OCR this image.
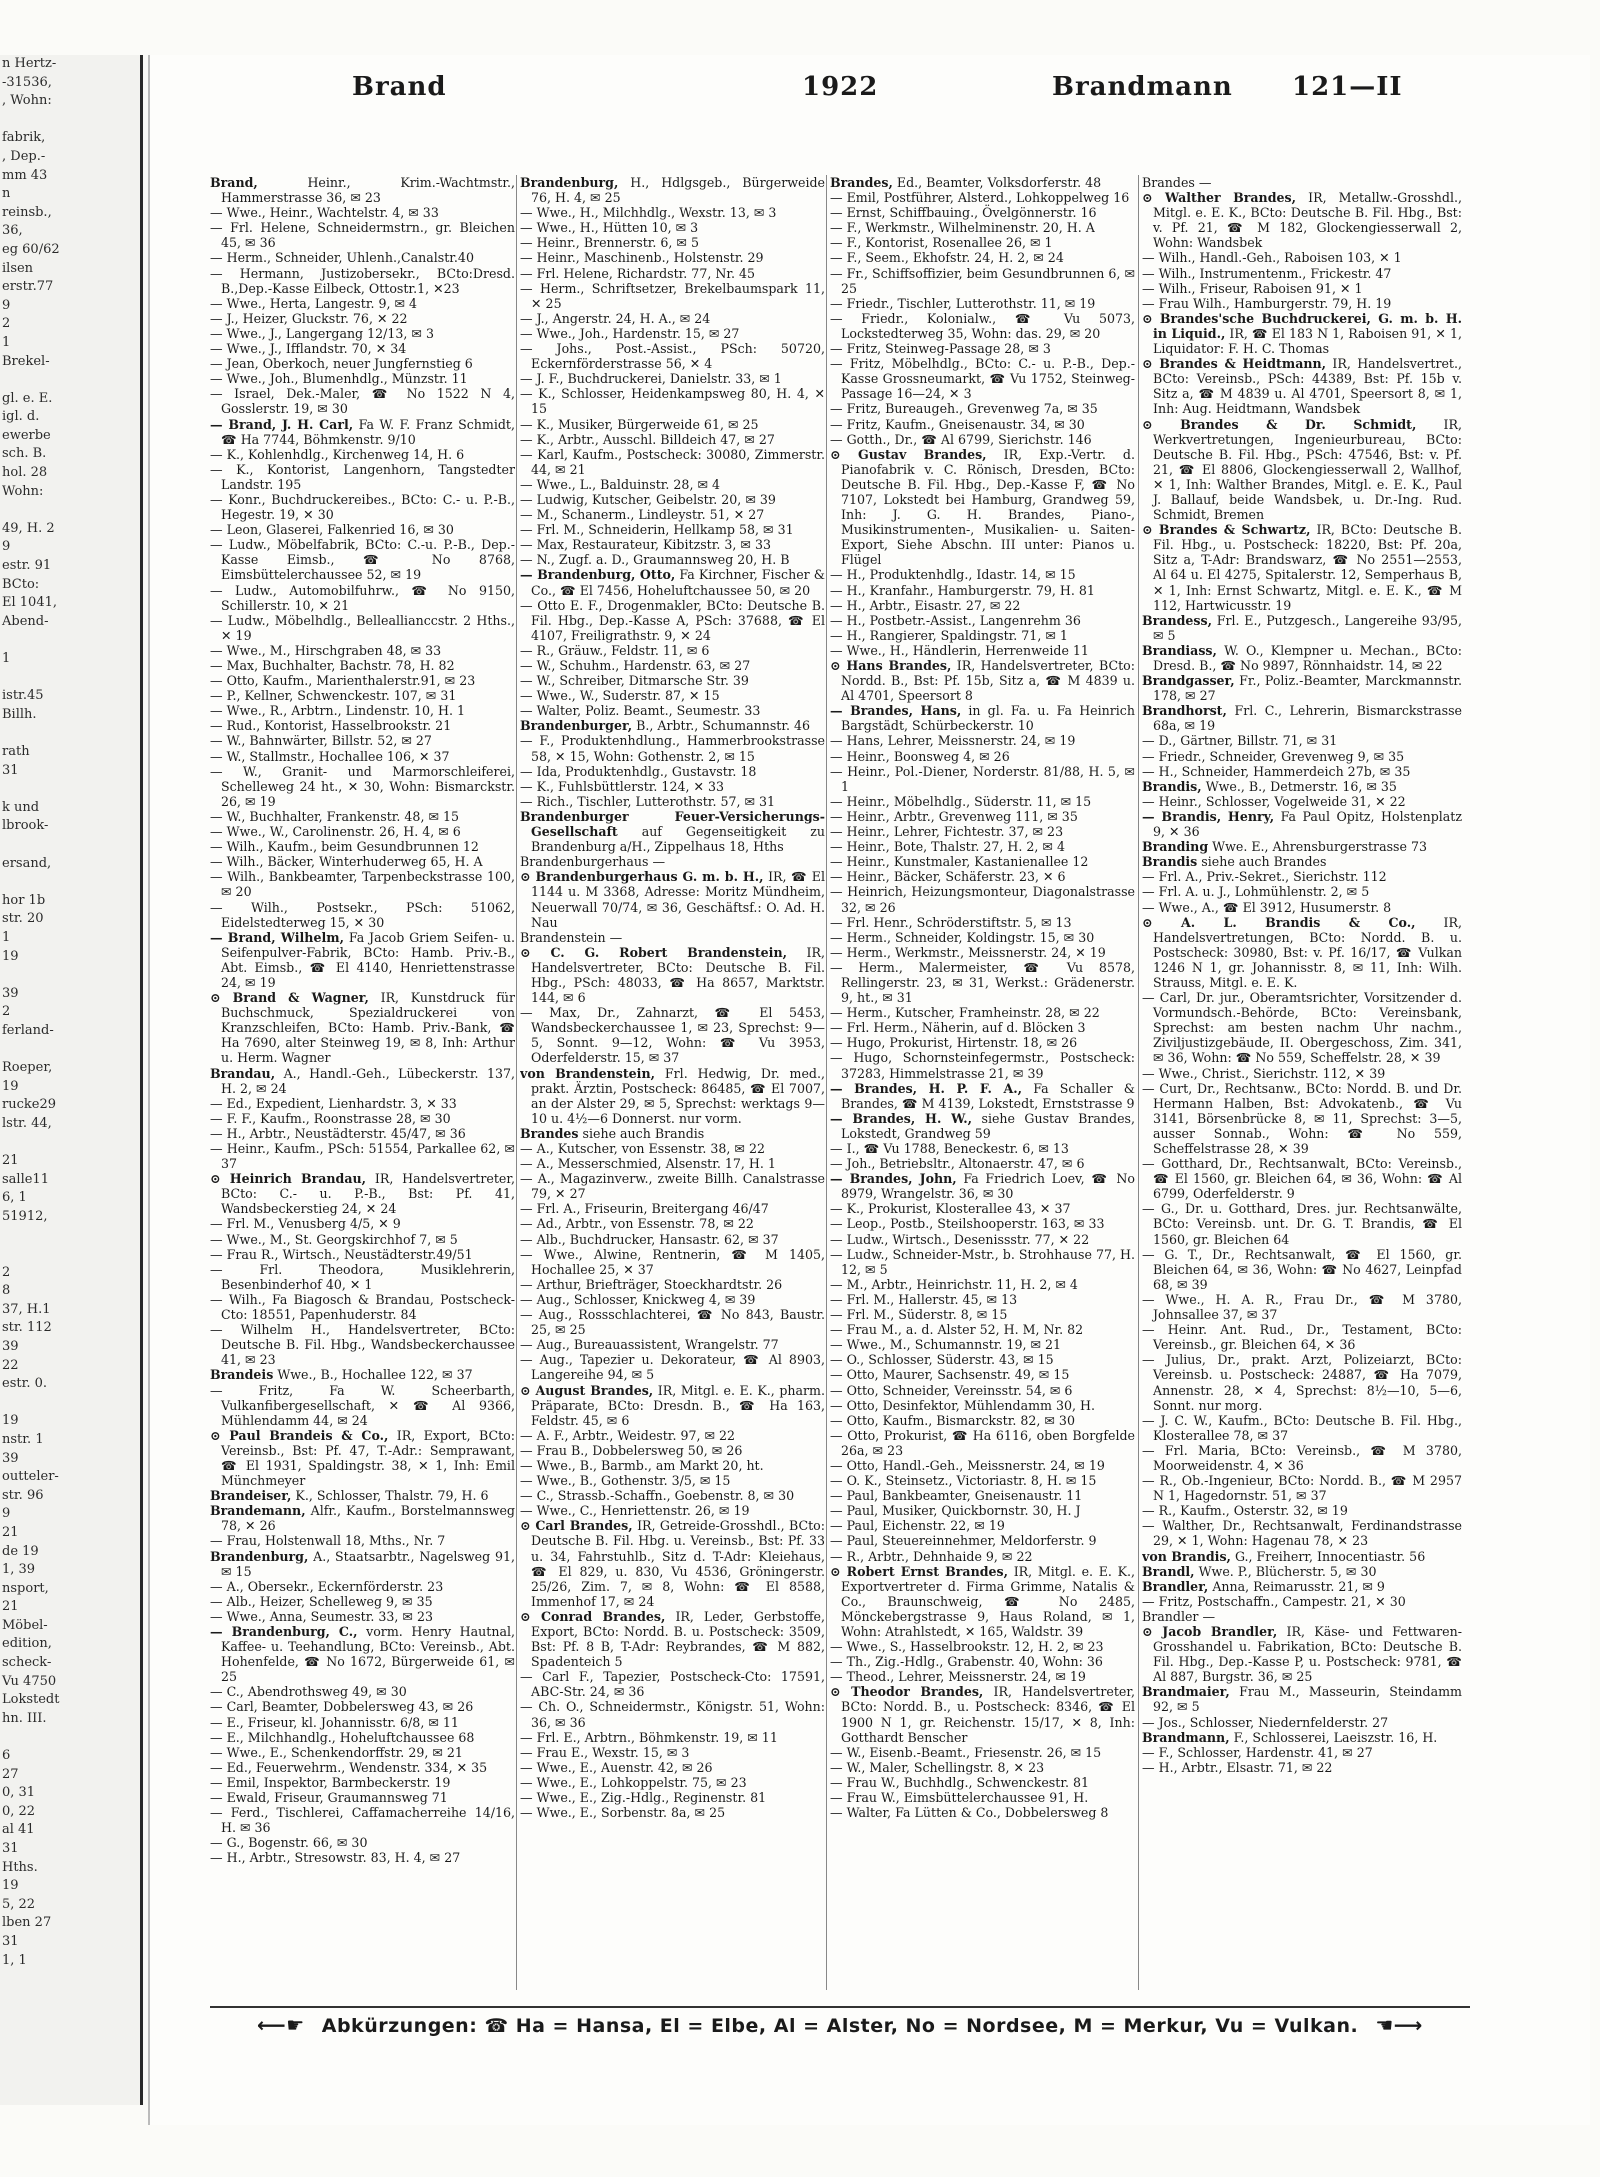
n Hertz-
-31536,
, Wohn:

fabrik,
, Dep.-
mm 43
n
reinsb.,
36,
eg 60/62
ilsen
erstr.77
9
2
1
Brekel-

gl. e. E.
igl. d.
ewerbe
sch. B.
hol. 28
Wohn:

49, H. 2
9
estr. 91
BCto:
El 1041,
Abend-

1

istr.45
Billh.

rath
31

k und
lbrook-

ersand,

hor 1b
str. 20
1
19

39
2
ferland-

Roeper,
19
rucke29
lstr. 44,

21
salle11
6, 1
51912,

2
8
37, H.1
str. 112
39
22
estr. 0.

19
nstr. 1
39
outteler-
str. 96
9
21
de 19
1, 39
nsport,
21
Möbel-
edition,
scheck-
Vu 4750
Lokstedt
hn. III.

6
27
0, 31
0, 22
al 41
31
Hths.
19
5, 22
lben 27
31
1, 1
Brand	1922	Brandmann 121—II

Brand,	Heinr., Krim.-Wachtmstr., Hammerstrasse 36, ✉ 23

— Wwe., Heinr., Wachtelstr. 4, ✉ 33

— Frl. Helene, Schneidermstrn., gr. Bleichen 45, ✉ 36

— Herm., Schneider, Uhlenh.,Canalstr.40

— Hermann, Justizobersekr., BCto:Dresd. B.,Dep.-Kasse Eilbeck, Ottostr.1, ✕23

— Wwe., Herta, Langestr. 9, ✉ 4

— J., Heizer, Gluckstr. 76, ✕ 22

— Wwe., J., Langergang 12/13, ✉ 3

— Wwe., J., Ifflandstr. 70, ✕ 34

— Jean, Oberkoch, neuer Jungfernstieg 6

— Wwe., Joh., Blumenhdlg., Münzstr. 11

— Israel, Dek.-Maler, ☎ No 1522 N 4, Gosslerstr. 19, ✉ 30

— Brand, J. H. Carl, Fa W. F. Franz Schmidt, ☎ Ha 7744, Böhmkenstr. 9/10

— K., Kohlenhdlg., Kirchenweg 14, H. 6

— K., Kontorist, Langenhorn, Tangstedter Landstr. 195

— Konr., Buchdruckereibes., BCto: C.- u. P.-B., Hegestr. 19, ✕ 30

— Leon, Glaserei, Falkenried 16, ✉ 30

— Ludw., Möbelfabrik, BCto: C.-u. P.-B., Dep.-Kasse Eimsb., ☎ No 8768, Eimsbüttelerchaussee 52, ✉ 19

— Ludw., Automobilfuhrw., ☎ No 9150, Schillerstr. 10, ✕ 21

— Ludw., Möbelhdlg., Belleallianccstr. 2 Hths., ✕ 19

— Wwe., M., Hirschgraben 48, ✉ 33

— Max, Buchhalter, Bachstr. 78, H. 82

— Otto, Kaufm., Marienthalerstr.91, ✉ 23

— P., Kellner, Schwenckestr. 107, ✉ 31

— Wwe., R., Arbtrn., Lindenstr. 10, H. 1

— Rud., Kontorist, Hasselbrookstr. 21

— W., Bahnwärter, Billstr. 52, ✉ 27

— W., Stallmstr., Hochallee 106, ✕ 37

— W., Granit- und Marmorschleiferei, Schelleweg 24 ht., ✕ 30, Wohn: Bismarckstr. 26, ✉ 19

— W., Buchhalter, Frankenstr. 48, ✉ 15

— Wwe., W., Carolinenstr. 26, H. 4, ✉ 6

— Wilh., Kaufm., beim Gesundbrunnen 12

— Wilh., Bäcker, Winterhuderweg 65, H. A

— Wilh., Bankbeamter, Tarpenbeckstrasse 100, ✉ 20

— Wilh., Postsekr., PSch: 51062, Eidelstedterweg 15, ✕ 30

— Brand, Wilhelm, Fa Jacob Griem Seifen- u. Seifenpulver-Fabrik, BCto: Hamb. Priv.-B., Abt. Eimsb., ☎ El 4140, Henriettenstrasse 24, ✉ 19

⊙ Brand & Wagner, IR, Kunstdruck für Buchschmuck, Spezialdruckerei von Kranzschleifen, BCto: Hamb. Priv.-Bank, ☎ Ha 7690, alter Steinweg 19, ✉ 8, Inh: Arthur u. Herm. Wagner

Brandau, A., Handl.-Geh., Lübeckerstr. 137, H. 2, ✉ 24

— Ed., Expedient, Lienhardstr. 3, ✕ 33

— F. F., Kaufm., Roonstrasse 28, ✉ 30

— H., Arbtr., Neustädterstr. 45/47, ✉ 36

— Heinr., Kaufm., PSch: 51554, Parkallee 62, ✉ 37

⊙ Heinrich Brandau, IR, Handelsvertreter, BCto: C.- u. P.-B., Bst: Pf. 41, Wandsbeckerstieg 24, ✕ 24

— Frl. M., Venusberg 4/5, ✕ 9

— Wwe., M., St. Georgskirchhof 7, ✉ 5

— Frau R., Wirtsch., Neustädterstr.49/51

— Frl. Theodora, Musiklehrerin, Besenbinderhof 40, ✕ 1

— Wilh., Fa Biagosch & Brandau, Postscheck-Cto: 18551, Papenhuderstr. 84

— Wilhelm H., Handelsvertreter, BCto: Deutsche B. Fil. Hbg., Wandsbeckerchaussee 41, ✉ 23

Brandeis Wwe., B., Hochallee 122, ✉ 37

— Fritz, Fa W. Scheerbarth, Vulkanfibergesellschaft, ✕ ☎ Al 9366, Mühlendamm 44, ✉ 24

⊙ Paul Brandeis & Co., IR, Export, BCto: Vereinsb., Bst: Pf. 47, T.-Adr.: Semprawant, ☎ El 1931, Spaldingstr. 38, ✕ 1, Inh: Emil Münchmeyer

Brandeiser, K., Schlosser, Thalstr. 79, H. 6

Brandemann, Alfr., Kaufm., Borstelmannsweg 78, ✕ 26

— Frau, Holstenwall 18, Mths., Nr. 7

Brandenburg, A., Staatsarbtr., Nagelsweg 91, ✉ 15

— A., Obersekr., Eckernförderstr. 23

— Alb., Heizer, Schelleweg 9, ✉ 35

— Wwe., Anna, Seumestr. 33, ✉ 23

— Brandenburg, C., vorm. Henry Hautnal, Kaffee- u. Teehandlung, BCto: Vereinsb., Abt. Hohenfelde, ☎ No 1672, Bürgerweide 61, ✉ 25

— C., Abendrothsweg 49, ✉ 30

— Carl, Beamter, Dobbelersweg 43, ✉ 26

— E., Friseur, kl. Johannisstr. 6/8, ✉ 11

— E., Milchhandlg., Hoheluftchaussee 68

— Wwe., E., Schenkendorffstr. 29, ✉ 21

— Ed., Feuerwehrm., Wendenstr. 334, ✕ 35

— Emil, Inspektor, Barmbeckerstr. 19

— Ewald, Friseur, Graumannsweg 71

— Ferd., Tischlerei, Caffamacherreihe 14/16, H. ✉ 36

— G., Bogenstr. 66, ✉ 30

— H., Arbtr., Stresowstr. 83, H. 4, ✉ 27

Brandenburg, H., Hdlgsgeb., Bürgerweide 76, H. 4, ✉ 25

— Wwe., H., Milchhdlg., Wexstr. 13, ✉ 3

— Wwe., H., Hütten 10, ✉ 3

— Heinr., Brennerstr. 6, ✉ 5

— Heinr., Maschinenb., Holstenstr. 29

— Frl. Helene, Richardstr. 77, Nr. 45

— Herm., Schriftsetzer, Brekelbaumspark 11, ✕ 25

— J., Angerstr. 24, H. A., ✉ 24

— Wwe., Joh., Hardenstr. 15, ✉ 27

— Johs., Post.-Assist., PSch: 50720, Eckernförderstrasse 56, ✕ 4

— J. F., Buchdruckerei, Danielstr. 33, ✉ 1

— K., Schlosser, Heidenkampsweg 80, H. 4, ✕ 15

— K., Musiker, Bürgerweide 61, ✉ 25

— K., Arbtr., Ausschl. Billdeich 47, ✉ 27

— Karl, Kaufm., Postscheck: 30080, Zimmerstr. 44, ✉ 21

— Wwe., L., Balduinstr. 28, ✉ 4

— Ludwig, Kutscher, Geibelstr. 20, ✉ 39

— M., Schanerm., Lindleystr. 51, ✕ 27

— Frl. M., Schneiderin, Hellkamp 58, ✉ 31

— Max, Restaurateur, Kibitzstr. 3, ✉ 33

— N., Zugf. a. D., Graumannsweg 20, H. B

— Brandenburg, Otto, Fa Kirchner, Fischer & Co., ☎ El 7456, Hoheluftchaussee 50, ✉ 20

— Otto E. F., Drogenmakler, BCto: Deutsche B. Fil. Hbg., Dep.-Kasse A, PSch: 37688, ☎ El 4107, Freiligrathstr. 9, ✕ 24

— R., Gräuw., Feldstr. 11, ✉ 6

— W., Schuhm., Hardenstr. 63, ✉ 27

— W., Schreiber, Ditmarsche Str. 39

— Wwe., W., Suderstr. 87, ✕ 15

— Walter, Poliz. Beamt., Seumestr. 33

Brandenburger, B., Arbtr., Schumannstr. 46

— F., Produktenhdlung., Hammerbrookstrasse 58, ✕ 15, Wohn: Gothenstr. 2, ✉ 15

— Ida, Produktenhdlg., Gustavstr. 18

— K., Fuhlsbüttlerstr. 124, ✕ 33

— Rich., Tischler, Lutterothstr. 57, ✉ 31

Brandenburger Feuer-Versicherungs-Gesellschaft auf Gegenseitigkeit zu Brandenburg a/H., Zippelhaus 18, Hths

Brandenburgerhaus —

⊙ Brandenburgerhaus G. m. b. H., IR, ☎ El 1144 u. M 3368, Adresse: Moritz Mündheim, Neuerwall 70/74, ✉ 36, Geschäftsf.: O. Ad. H. Nau

Brandenstein —

⊙ C. G. Robert Brandenstein, IR, Handelsvertreter, BCto: Deutsche B. Fil. Hbg., PSch: 48033, ☎ Ha 8657, Marktstr. 144, ✉ 6

— Max, Dr., Zahnarzt, ☎ El 5453, Wandsbeckerchaussee 1, ✉ 23, Sprechst: 9—5, Sonnt. 9—12, Wohn: ☎ Vu 3953, Oderfelderstr. 15, ✉ 37

von Brandenstein, Frl. Hedwig, Dr. med., prakt. Ärztin, Postscheck: 86485, ☎ El 7007, an der Alster 29, ✉ 5, Sprechst: werktags 9—10 u. 4½—6 Donnerst. nur vorm.

Brandes siehe auch Brandis

— A., Kutscher, von Essenstr. 38, ✉ 22

— A., Messerschmied, Alsenstr. 17, H. 1

— A., Magazinverw., zweite Billh. Canalstrasse 79, ✕ 27

— Frl. A., Friseurin, Breitergang 46/47

— Ad., Arbtr., von Essenstr. 78, ✉ 22

— Alb., Buchdrucker, Hansastr. 62, ✉ 37

— Wwe., Alwine, Rentnerin, ☎ M 1405, Hochallee 25, ✕ 37

— Arthur, Briefträger, Stoeckhardtstr. 26

— Aug., Schlosser, Knickweg 4, ✉ 39

— Aug., Rossschlachterei, ☎ No 843, Baustr. 25, ✉ 25

— Aug., Bureauassistent, Wrangelstr. 77

— Aug., Tapezier u. Dekorateur, ☎ Al 8903, Langereihe 94, ✉ 5

⊙ August Brandes, IR, Mitgl. e. E. K., pharm. Präparate, BCto: Dresdn. B., ☎ Ha 163, Feldstr. 45, ✉ 6

— A. F., Arbtr., Weidestr. 97, ✉ 22

— Frau B., Dobbelersweg 50, ✉ 26

— Wwe., B., Barmb., am Markt 20, ht.

— Wwe., B., Gothenstr. 3/5, ✉ 15

— C., Strassb.-Schaffn., Goebenstr. 8, ✉ 30

— Wwe., C., Henriettenstr. 26, ✉ 19

⊙ Carl Brandes, IR, Getreide-Grosshdl., BCto: Deutsche B. Fil. Hbg. u. Vereinsb., Bst: Pf. 33 u. 34, Fahrstuhlb., Sitz d. T-Adr: Kleiehaus, ☎ El 829, u. 830, Vu 4536, Gröningerstr. 25/26, Zim. 7, ✉ 8, Wohn: ☎ El 8588, Immenhof 17, ✉ 24

⊙ Conrad Brandes, IR, Leder, Gerbstoffe, Export, BCto: Nordd. B. u. Postscheck: 3509, Bst: Pf. 8 B, T-Adr: Reybrandes, ☎ M 882, Spadenteich 5

— Carl F., Tapezier, Postscheck-Cto: 17591, ABC-Str. 24, ✉ 36

— Ch. O., Schneidermstr., Königstr. 51, Wohn: 36, ✉ 36

— Frl. E., Arbtrn., Böhmkenstr. 19, ✉ 11

— Frau E., Wexstr. 15, ✉ 3

— Wwe., E., Auenstr. 42, ✉ 26

— Wwe., E., Lohkoppelstr. 75, ✉ 23

— Wwe., E., Zig.-Hdlg., Reginenstr. 81

— Wwe., E., Sorbenstr. 8a, ✉ 25

Brandes, Ed., Beamter, Volksdorferstr. 48

— Emil, Postführer, Alsterd., Lohkoppelweg 16

— Ernst, Schiffbauing., Övelgönnerstr. 16

— F., Werkmstr., Wilhelminenstr. 20, H. A

— F., Kontorist, Rosenallee 26, ✉ 1

— F., Seem., Ekhofstr. 24, H. 2, ✉ 24

— Fr., Schiffsoffizier, beim Gesundbrunnen 6, ✉ 25

— Friedr., Tischler, Lutterothstr. 11, ✉ 19

— Friedr., Kolonialw., ☎ Vu 5073, Lockstedterweg 35, Wohn: das. 29, ✉ 20

— Fritz, Steinweg-Passage 28, ✉ 3

— Fritz, Möbelhdlg., BCto: C.- u. P.-B., Dep.-Kasse Grossneumarkt, ☎ Vu 1752, Steinweg-Passage 16—24, ✕ 3

— Fritz, Bureaugeh., Grevenweg 7a, ✉ 35

— Fritz, Kaufm., Gneisenaustr. 34, ✉ 30

— Gotth., Dr., ☎ Al 6799, Sierichstr. 146

⊙ Gustav Brandes, IR, Exp.-Vertr. d. Pianofabrik v. C. Rönisch, Dresden, BCto: Deutsche B. Fil. Hbg., Dep.-Kasse F, ☎ No 7107, Lokstedt bei Hamburg, Grandweg 59, Inh: J. G. H. Brandes, Piano-, Musikinstrumenten-, Musikalien- u. Saiten-Export, Siehe Abschn. III unter: Pianos u. Flügel

— H., Produktenhdlg., Idastr. 14, ✉ 15

— H., Kranfahr., Hamburgerstr. 79, H. 81

— H., Arbtr., Eisastr. 27, ✉ 22

— H., Postbetr.-Assist., Langenrehm 36

— H., Rangierer, Spaldingstr. 71, ✉ 1

— Wwe., H., Händlerin, Herrenweide 11

⊙ Hans Brandes, IR, Handelsvertreter, BCto: Nordd. B., Bst: Pf. 15b, Sitz a, ☎ M 4839 u. Al 4701, Speersort 8

— Brandes, Hans, in gl. Fa. u. Fa Heinrich Bargstädt, Schürbeckerstr. 10

— Hans, Lehrer, Meissnerstr. 24, ✉ 19

— Heinr., Boonsweg 4, ✉ 26

— Heinr., Pol.-Diener, Norderstr. 81/88, H. 5, ✉ 1

— Heinr., Möbelhdlg., Süderstr. 11, ✉ 15

— Heinr., Arbtr., Grevenweg 111, ✉ 35

— Heinr., Lehrer, Fichtestr. 37, ✉ 23

— Heinr., Bote, Thalstr. 27, H. 2, ✉ 4

— Heinr., Kunstmaler, Kastanienallee 12

— Heinr., Bäcker, Schäferstr. 23, ✕ 6

— Heinrich, Heizungsmonteur, Diagonalstrasse 32, ✉ 26

— Frl. Henr., Schröderstiftstr. 5, ✉ 13

— Herm., Schneider, Koldingstr. 15, ✉ 30

— Herm., Werkmstr., Meissnerstr. 24, ✕ 19

— Herm., Malermeister, ☎ Vu 8578, Rellingerstr. 23, ✉ 31, Werkst.: Grädenerstr. 9, ht., ✉ 31

— Herm., Kutscher, Framheinstr. 28, ✉ 22

— Frl. Herm., Näherin, auf d. Blöcken 3

— Hugo, Prokurist, Hirtenstr. 18, ✉ 26

— Hugo, Schornsteinfegermstr., Postscheck: 37283, Himmelstrasse 21, ✉ 39

— Brandes, H. P. F. A., Fa Schaller & Brandes, ☎ M 4139, Lokstedt, Ernststrasse 9

— Brandes, H. W., siehe Gustav Brandes, Lokstedt, Grandweg 59

— I., ☎ Vu 1788, Beneckestr. 6, ✉ 13

— Joh., Betriebsltr., Altonaerstr. 47, ✉ 6

— Brandes, John, Fa Friedrich Loev, ☎ No 8979, Wrangelstr. 36, ✉ 30

— K., Prokurist, Klosterallee 43, ✕ 37

— Leop., Postb., Steilshooperstr. 163, ✉ 33

— Ludw., Wirtsch., Desenissstr. 77, ✕ 22

— Ludw., Schneider-Mstr., b. Strohhause 77, H. 12, ✉ 5

— M., Arbtr., Heinrichstr. 11, H. 2, ✉ 4

— Frl. M., Hallerstr. 45, ✉ 13

— Frl. M., Süderstr. 8, ✉ 15

— Frau M., a. d. Alster 52, H. M, Nr. 82

— Wwe., M., Schumannstr. 19, ✉ 21

— O., Schlosser, Süderstr. 43, ✉ 15

— Otto, Maurer, Sachsenstr. 49, ✉ 15

— Otto, Schneider, Vereinsstr. 54, ✉ 6

— Otto, Desinfektor, Mühlendamm 30, H.

— Otto, Kaufm., Bismarckstr. 82, ✉ 30

— Otto, Prokurist, ☎ Ha 6116, oben Borgfelde 26a, ✉ 23

— Otto, Handl.-Geh., Meissnerstr. 24, ✉ 19

— O. K., Steinsetz., Victoriastr. 8, H. ✉ 15

— Paul, Bankbeamter, Gneisenaustr. 11

— Paul, Musiker, Quickbornstr. 30, H. J

— Paul, Eichenstr. 22, ✉ 19

— Paul, Steuereinnehmer, Meldorferstr. 9

— R., Arbtr., Dehnhaide 9, ✉ 22

⊙ Robert Ernst Brandes, IR, Mitgl. e. E. K., Exportvertreter d. Firma Grimme, Natalis & Co., Braunschweig, ☎ No 2485, Mönckebergstrasse 9, Haus Roland, ✉ 1, Wohn: Atrahlstedt, ✕ 165, Waldstr. 39

— Wwe., S., Hasselbrookstr. 12, H. 2, ✉ 23

— Th., Zig.-Hdlg., Grabenstr. 40, Wohn: 36

— Theod., Lehrer, Meissnerstr. 24, ✉ 19

⊙ Theodor Brandes, IR, Handelsvertreter, BCto: Nordd. B., u. Postscheck: 8346, ☎ El 1900 N 1, gr. Reichenstr. 15/17, ✕ 8, Inh: Gotthardt Benscher

— W., Eisenb.-Beamt., Friesenstr. 26, ✉ 15

— W., Maler, Schellingstr. 8, ✕ 23

— Frau W., Buchhdlg., Schwenckestr. 81

— Frau W., Eimsbüttelerchaussee 91, H.

— Walter, Fa Lütten & Co., Dobbelersweg 8

Brandes —

⊙ Walther Brandes, IR, Metallw.-Grosshdl., Mitgl. e. E. K., BCto: Deutsche B. Fil. Hbg., Bst: v. Pf. 21, ☎ M 182, Glockengiesserwall 2, Wohn: Wandsbek

— Wilh., Handl.-Geh., Raboisen 103, ✕ 1

— Wilh., Instrumentenm., Frickestr. 47

— Wilh., Friseur, Raboisen 91, ✕ 1

— Frau Wilh., Hamburgerstr. 79, H. 19

⊙ Brandes'sche Buchdruckerei, G. m. b. H. in Liquid., IR, ☎ El 183 N 1, Raboisen 91, ✕ 1, Liquidator: F. H. C. Thomas

⊙ Brandes & Heidtmann, IR, Handelsvertret., BCto: Vereinsb., PSch: 44389, Bst: Pf. 15b v. Sitz a, ☎ M 4839 u. Al 4701, Speersort 8, ✉ 1, Inh: Aug. Heidtmann, Wandsbek

⊙ Brandes & Dr. Schmidt, IR, Werkvertretungen, Ingenieurbureau, BCto: Deutsche B. Fil. Hbg., PSch: 47546, Bst: v. Pf. 21, ☎ El 8806, Glockengiesserwall 2, Wallhof, ✕ 1, Inh: Walther Brandes, Mitgl. e. E. K., Paul J. Ballauf, beide Wandsbek, u. Dr.-Ing. Rud. Schmidt, Bremen

⊙ Brandes & Schwartz, IR, BCto: Deutsche B. Fil. Hbg., u. Postscheck: 18220, Bst: Pf. 20a, Sitz a, T-Adr: Brandswarz, ☎ No 2551—2553, Al 64 u. El 4275, Spitalerstr. 12, Semperhaus B, ✕ 1, Inh: Ernst Schwartz, Mitgl. e. E. K., ☎ M 112, Hartwicusstr. 19

Brandess, Frl. E., Putzgesch., Langereihe 93/95, ✉ 5

Brandiass, W. O., Klempner u. Mechan., BCto: Dresd. B., ☎ No 9897, Rönnhaidstr. 14, ✉ 22

Brandgasser, Fr., Poliz.-Beamter, Marckmannstr. 178, ✉ 27

Brandhorst, Frl. C., Lehrerin, Bismarckstrasse 68a, ✉ 19

— D., Gärtner, Billstr. 71, ✉ 31

— Friedr., Schneider, Grevenweg 9, ✉ 35

— H., Schneider, Hammerdeich 27b, ✉ 35

Brandis, Wwe., B., Detmerstr. 16, ✉ 35

— Heinr., Schlosser, Vogelweide 31, ✕ 22

— Brandis, Henry, Fa Paul Opitz, Holstenplatz 9, ✕ 36

Branding Wwe. E., Ahrensburgerstrasse 73

Brandis siehe auch Brandes

— Frl. A., Priv.-Sekret., Sierichstr. 112

— Frl. A. u. J., Lohmühlenstr. 2, ✉ 5

— Wwe., A., ☎ El 3912, Husumerstr. 8

⊙ A. L. Brandis & Co., IR, Handelsvertretungen, BCto: Nordd. B. u. Postscheck: 30980, Bst: v. Pf. 16/17, ☎ Vulkan 1246 N 1, gr. Johannisstr. 8, ✉ 11, Inh: Wilh. Strauss, Mitgl. e. E. K.

— Carl, Dr. jur., Oberamtsrichter, Vorsitzender d. Vormundsch.-Behörde, BCto: Vereinsbank, Sprechst: am besten nachm Uhr nachm., Ziviljustizgebäude, II. Obergeschoss, Zim. 341, ✉ 36, Wohn: ☎ No 559, Scheffelstr. 28, ✕ 39

— Wwe., Christ., Sierichstr. 112, ✕ 39

— Curt, Dr., Rechtsanw., BCto: Nordd. B. und Dr. Hermann Halben, Bst: Advokatenb., ☎ Vu 3141, Börsenbrücke 8, ✉ 11, Sprechst: 3—5, ausser Sonnab., Wohn: ☎ No 559, Scheffelstrasse 28, ✕ 39

— Gotthard, Dr., Rechtsanwalt, BCto: Vereinsb., ☎ El 1560, gr. Bleichen 64, ✉ 36, Wohn: ☎ Al 6799, Oderfelderstr. 9

— G., Dr. u. Gotthard, Dres. jur. Rechtsanwälte, BCto: Vereinsb. unt. Dr. G. T. Brandis, ☎ El 1560, gr. Bleichen 64

— G. T., Dr., Rechtsanwalt, ☎ El 1560, gr. Bleichen 64, ✉ 36, Wohn: ☎ No 4627, Leinpfad 68, ✉ 39

— Wwe., H. A. R., Frau Dr., ☎ M 3780, Johnsallee 37, ✉ 37

— Heinr. Ant. Rud., Dr., Testament, BCto: Vereinsb., gr. Bleichen 64, ✕ 36

— Julius, Dr., prakt. Arzt, Polizeiarzt, BCto: Vereinsb. u. Postscheck: 24887, ☎ Ha 7079, Annenstr. 28, ✕ 4, Sprechst: 8½—10, 5—6, Sonnt. nur morg.

— J. C. W., Kaufm., BCto: Deutsche B. Fil. Hbg., Klosterallee 78, ✉ 37

— Frl. Maria, BCto: Vereinsb., ☎ M 3780, Moorweidenstr. 4, ✕ 36

— R., Ob.-Ingenieur, BCto: Nordd. B., ☎ M 2957 N 1, Hagedornstr. 51, ✉ 37

— R., Kaufm., Osterstr. 32, ✉ 19

— Walther, Dr., Rechtsanwalt, Ferdinandstrasse 29, ✕ 1, Wohn: Hagenau 78, ✕ 23

von Brandis, G., Freiherr, Innocentiastr. 56

Brandl, Wwe. P., Blücherstr. 5, ✉ 30

Brandler, Anna, Reimarusstr. 21, ✉ 9

— Fritz, Postschaffn., Campestr. 21, ✕ 30

Brandler —

⊙ Jacob Brandler, IR, Käse- und Fettwaren-Grosshandel u. Fabrikation, BCto: Deutsche B. Fil. Hbg., Dep.-Kasse P, u. Postscheck: 9781, ☎ Al 887, Burgstr. 36, ✉ 25

Brandmaier, Frau M., Masseurin, Steindamm 92, ✉ 5

— Jos., Schlosser, Niedernfelderstr. 27

Brandmann, F., Schlosserei, Laeiszstr. 16, H.

— F., Schlosser, Hardenstr. 41, ✉ 27

— H., Arbtr., Elsastr. 71, ✉ 22

⟵☛ Abkürzungen: ☎ Ha = Hansa, El = Elbe, Al = Alster, No = Nordsee, M = Merkur, Vu = Vulkan. ☚⟶
